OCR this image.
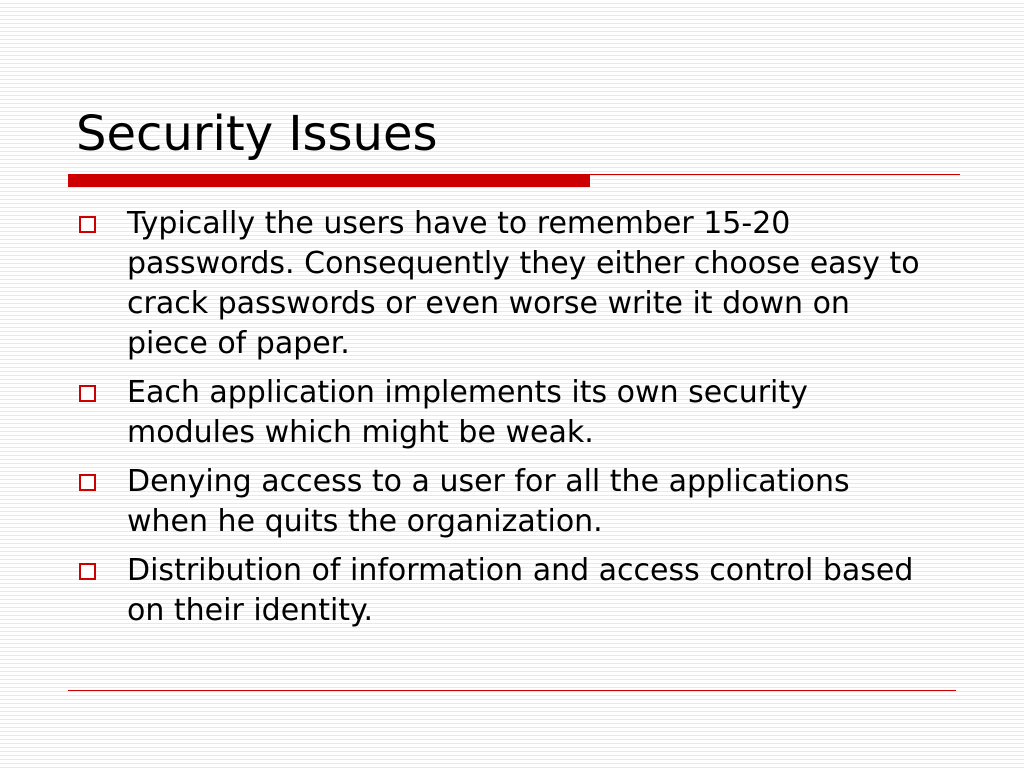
Security Issues
Typically the users have to remember 15-20 passwords. Consequently they either choose easy to crack passwords or even worse write it down on piece of paper.
Each application implements its own security modules which might be weak.
Denying access to a user for all the applications when he quits the organization.
Distribution of information and access control based on their identity.
